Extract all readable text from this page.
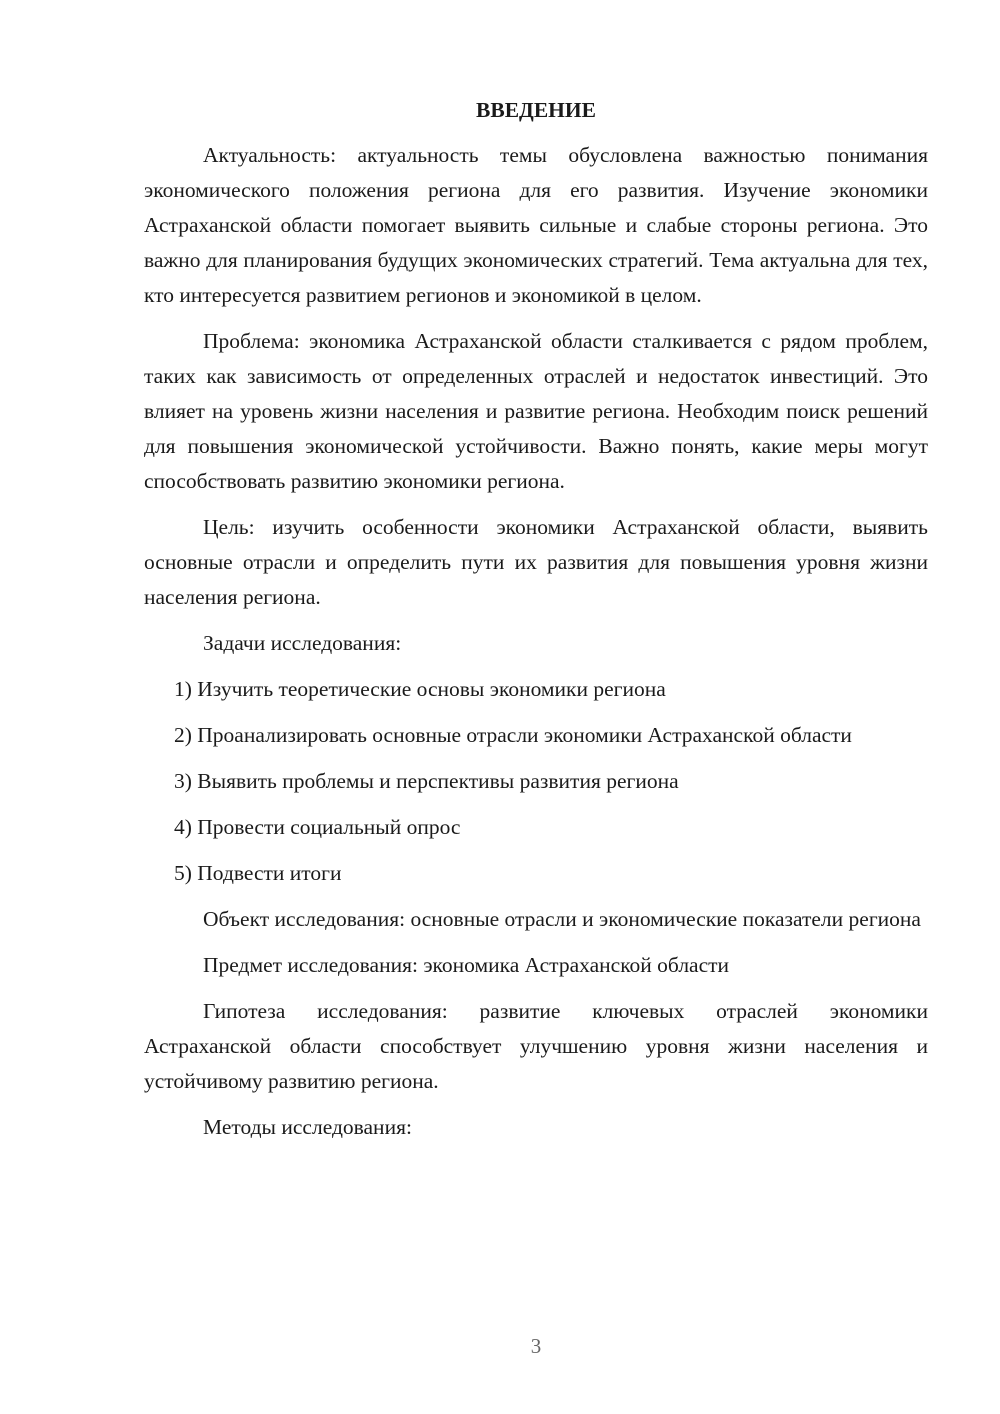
ВВЕДЕНИЕ

Актуальность: актуальность темы обусловлена важностью понимания экономического положения региона для его развития. Изучение экономики Астраханской области помогает выявить сильные и слабые стороны региона. Это важно для планирования будущих экономических стратегий. Тема актуальна для тех, кто интересуется развитием регионов и экономикой в целом.

Проблема: экономика Астраханской области сталкивается с рядом проблем, таких как зависимость от определенных отраслей и недостаток инвестиций. Это влияет на уровень жизни населения и развитие региона. Необходим поиск решений для повышения экономической устойчивости. Важно понять, какие меры могут способствовать развитию экономики региона.

Цель: изучить особенности экономики Астраханской области, выявить основные отрасли и определить пути их развития для повышения уровня жизни населения региона.

Задачи исследования:

1) Изучить теоретические основы экономики региона

2) Проанализировать основные отрасли экономики Астраханской области

3) Выявить проблемы и перспективы развития региона

4) Провести социальный опрос

5) Подвести итоги

Объект исследования: основные отрасли и экономические показатели региона

Предмет исследования: экономика Астраханской области

Гипотеза исследования: развитие ключевых отраслей экономики Астраханской области способствует улучшению уровня жизни населения и устойчивому развитию региона.

Методы исследования:

3
